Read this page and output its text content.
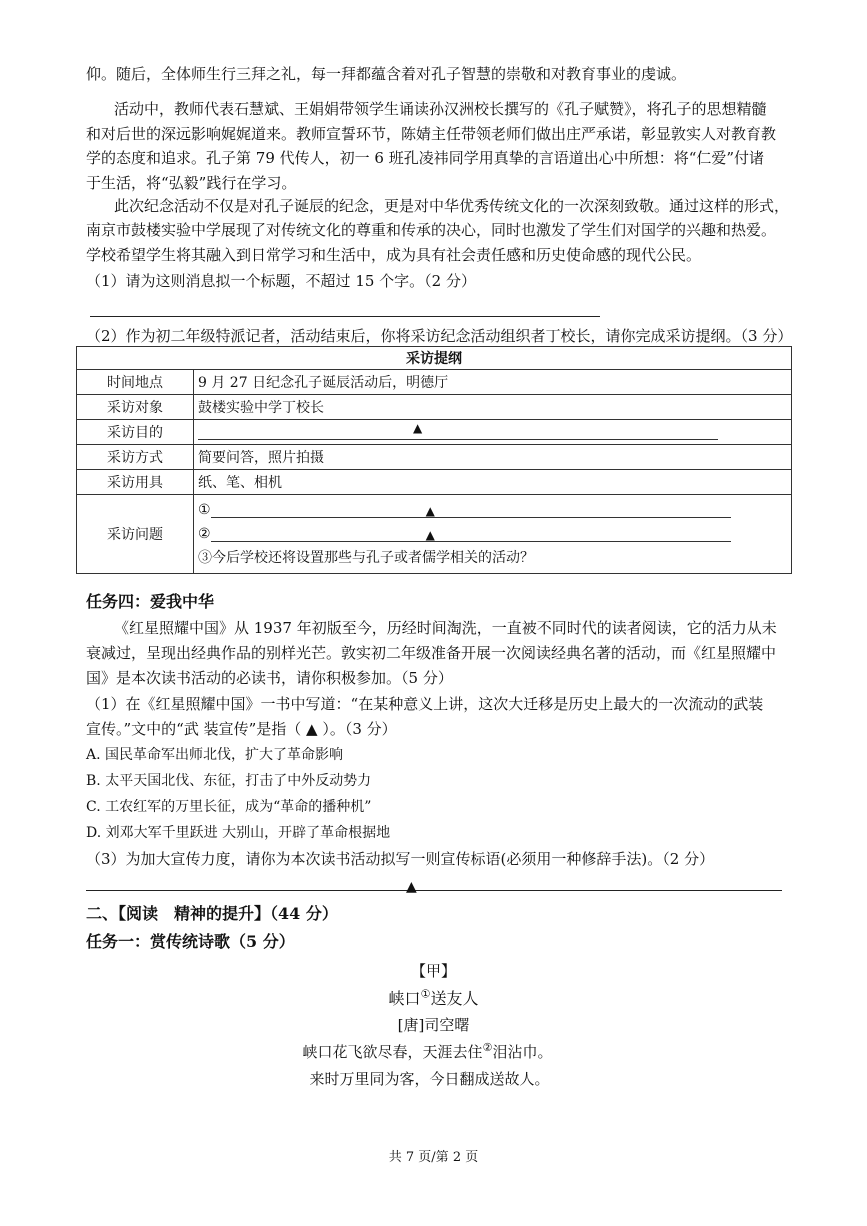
仰。随后，全体师生行三拜之礼，每一拜都蕴含着对孔子智慧的崇敬和对教育事业的虔诚。
活动中，教师代表石慧斌、王娟娟带领学生诵读孙汉洲校长撰写的《孔子赋赞》，将孔子的思想精髓
和对后世的深远影响娓娓道来。教师宣誓环节，陈婧主任带领老师们做出庄严承诺，彰显敦实人对教育教
学的态度和追求。孔子第 79 代传人，初一 6 班孔凌祎同学用真挚的言语道出心中所想：将“仁爱”付诸
于生活，将“弘毅”践行在学习。
此次纪念活动不仅是对孔子诞辰的纪念，更是对中华优秀传统文化的一次深刻致敬。通过这样的形式，
南京市鼓楼实验中学展现了对传统文化的尊重和传承的决心，同时也激发了学生们对国学的兴趣和热爱。
学校希望学生将其融入到日常学习和生活中，成为具有社会责任感和历史使命感的现代公民。
（1）请为这则消息拟一个标题，不超过 15 个字。（2 分）
（2）作为初二年级特派记者，活动结束后，你将采访纪念活动组织者丁校长，请你完成采访提纲。（3 分）
采访提纲	
时间地点	9 月 27 日纪念孔子诞辰活动后，明德厅
采访对象	鼓楼实验中学丁校长
采访目的	▲

采访方式	简要问答，照片拍摄
采访用具	纸、笔、相机
采访问题	① ▲
② ▲
③今后学校还将设置那些与孔子或者儒学相关的活动？
任务四：爱我中华
《红星照耀中国》从 1937 年初版至今，历经时间淘洗，一直被不同时代的读者阅读，它的活力从未
衰减过，呈现出经典作品的别样光芒。敦实初二年级准备开展一次阅读经典名著的活动，而《红星照耀中
国》是本次读书活动的必读书，请你积极参加。（5 分）
（1）在《红星照耀中国》一书中写道：“在某种意义上讲，这次大迁移是历史上最大的一次流动的武装
宣传。”文中的“武 装宣传”是指（ ▲ ）。（3 分）
A. 国民革命军出师北伐，扩大了革命影响
B. 太平天国北伐、东征，打击了中外反动势力
C. 工农红军的万里长征，成为“革命的播种机”
D. 刘邓大军千里跃进 大别山，开辟了革命根据地
（3）为加大宣传力度，请你为本次读书活动拟写一则宣传标语(必须用一种修辞手法)。（2 分）
▲
二、【阅读　精神的提升】（44 分）
任务一：赏传统诗歌（5 分）
【甲】
峡口①送友人
[唐]司空曙
峡口花飞欲尽春，天涯去住②泪沾巾。
来时万里同为客，今日翻成送故人。
共 7 页/第 2 页
